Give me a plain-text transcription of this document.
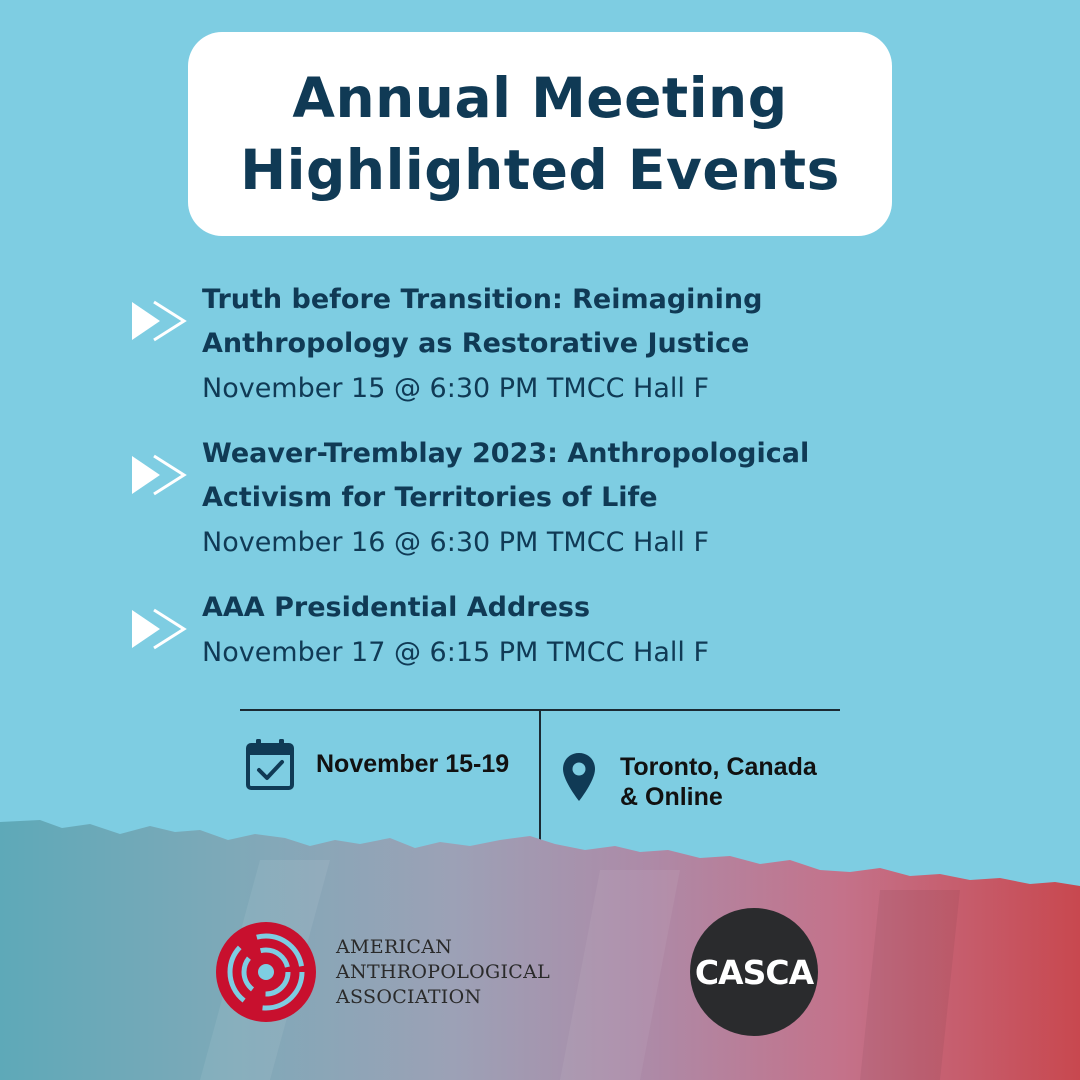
Annual Meeting
Highlighted Events
Truth before Transition: Reimagining
Anthropology as Restorative Justice
November 15 @ 6:30 PM TMCC Hall F
Weaver-Tremblay 2023: Anthropological
Activism for Territories of Life
November 16 @ 6:30 PM TMCC Hall F
AAA Presidential Address
November 17 @ 6:15 PM TMCC Hall F
November 15-19	Toronto, Canada
& Online
AMERICAN
ANTHROPOLOGICAL
ASSOCIATION
CASCA
